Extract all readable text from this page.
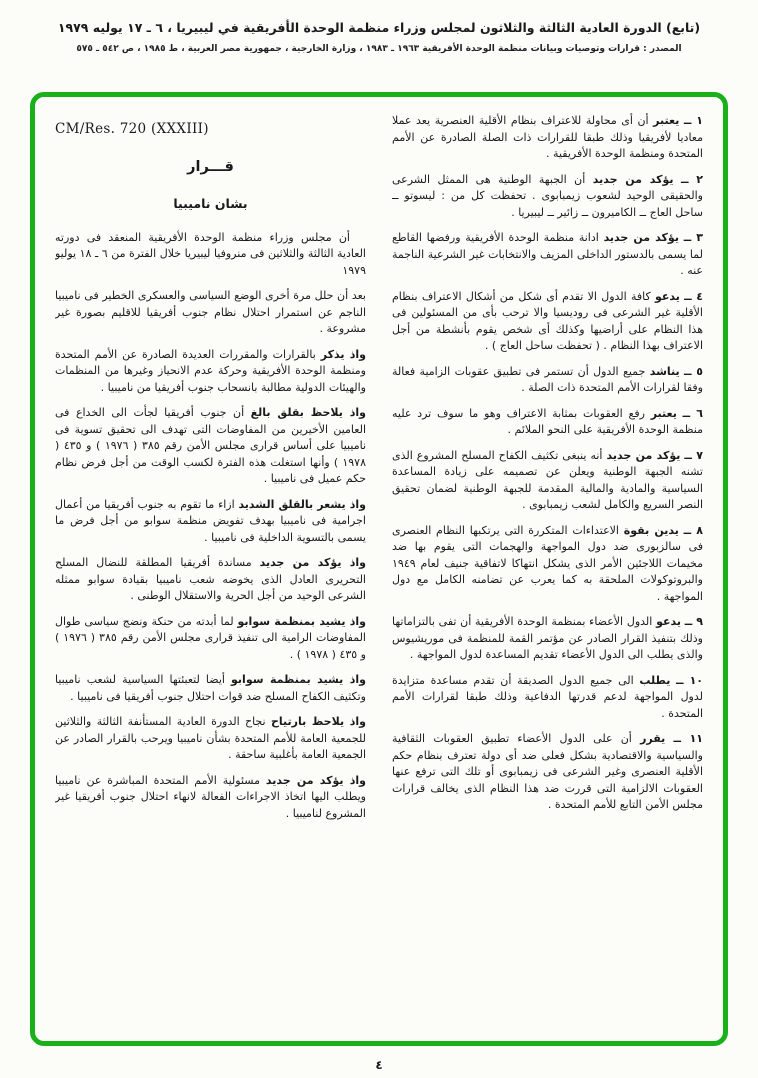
(تابع) الدورة العادية الثالثة والثلاثون لمجلس وزراء منظمة الوحدة الأفريقية في ليبيريا ، ٦ ـ ١٧ يوليه ١٩٧٩
المصدر : قرارات وتوصيات وبيانات منظمة الوحدة الأفريقية ١٩٦٣ ـ ١٩٨٣ ، وزارة الخارجية ، جمهورية مصر العربية ، ط ١٩٨٥ ، ص ٥٤٢ ـ ٥٧٥

١ ــ يعتبر أن أى محاولة للاعتراف بنظام الأقلية العنصرية يعد عملا معاديا لأفريقيا وذلك طبقا للقرارات ذات الصلة الصادرة عن الأمم المتحدة ومنظمة الوحدة الأفريقية .

٢ ــ يؤكد من جديد أن الجبهة الوطنية هى الممثل الشرعى والحقيقى الوحيد لشعوب زيمبابوى . تحفظت كل من : ليسوتو ــ ساحل العاج ــ الكاميرون ــ زائير ــ ليبيريا .

٣ ــ يؤكد من جديد ادانة منظمة الوحدة الأفريقية ورفضها القاطع لما يسمى بالدستور الداخلى المزيف والانتخابات غير الشرعية الناجمة عنه .

٤ ــ يدعو كافة الدول الا تقدم أى شكل من أشكال الاعتراف بنظام الأقلية غير الشرعى فى روديسيا والا ترحب بأى من المسئولين فى هذا النظام على أراضيها وكذلك أى شخص يقوم بأنشطة من أجل الاعتراف بهذا النظام . ( تحفظت ساحل العاج ) .

٥ ــ يناشد جميع الدول أن تستمر فى تطبيق عقوبات الزامية فعالة وفقا لقرارات الأمم المتحدة ذات الصلة .

٦ ــ يعتبر رفع العقوبات بمثابة الاعتراف وهو ما سوف ترد عليه منظمة الوحدة الأفريقية على النحو الملائم .

٧ ــ يؤكد من جديد أنه ينبغى تكثيف الكفاح المسلح المشروع الذى تشنه الجبهة الوطنية ويعلن عن تصميمه على زيادة المساعدة السياسية والمادية والمالية المقدمة للجبهة الوطنية لضمان تحقيق النصر السريع والكامل لشعب زيمبابوى .

٨ ــ يدين بقوة الاعتداءات المتكررة التى يرتكبها النظام العنصرى فى سالزبورى ضد دول المواجهة والهجمات التى يقوم بها ضد مخيمات اللاجئين الأمر الذى يشكل انتهاكا لاتفاقية جنيف لعام ١٩٤٩ والبروتوكولات الملحقة به كما يعرب عن تضامنه الكامل مع دول المواجهة .

٩ ــ يدعو الدول الأعضاء بمنظمة الوحدة الأفريقية أن تفى بالتزاماتها وذلك بتنفيذ القرار الصادر عن مؤتمر القمة للمنظمة فى موريشيوس والذى يطلب الى الدول الأعضاء تقديم المساعدة لدول المواجهة .

١٠ ــ يطلب الى جميع الدول الصديقة أن تقدم مساعدة متزايدة لدول المواجهة لدعم قدرتها الدفاعية وذلك طبقا لقرارات الأمم المتحدة .

١١ ــ يقرر أن على الدول الأعضاء تطبيق العقوبات الثقافية والسياسية والاقتصادية بشكل فعلى ضد أى دولة تعترف بنظام حكم الأقلية العنصرى وغير الشرعى فى زيمبابوى أو تلك التى ترفع عنها العقوبات الالزامية التى قررت ضد هذا النظام الذى يخالف قرارات مجلس الأمن التابع للأمم المتحدة .

CM/Res. 720 (XXXIII)
قـــرار
بشان ناميبيا

أن مجلس وزراء منظمة الوحدة الأفريقية المنعقد فى دورته العادية الثالثة والثلاثين فى منروفيا ليبيريا خلال الفترة من ٦ ـ ١٨ يوليو ١٩٧٩

بعد أن حلل مرة أخرى الوضع السياسى والعسكرى الخطير فى ناميبيا الناجم عن استمرار احتلال نظام جنوب أفريقيا للاقليم بصورة غير مشروعة .

واذ يذكر بالقرارات والمقررات العديدة الصادرة عن الأمم المتحدة ومنظمة الوحدة الأفريقية وحركة عدم الانحياز وغيرها من المنظمات والهيئات الدولية مطالبة بانسحاب جنوب أفريقيا من ناميبيا .

واذ يلاحظ بقلق بالغ أن جنوب أفريقيا لجأت الى الخداع فى العامين الأخيرين من المفاوضات التى تهدف الى تحقيق تسوية فى ناميبيا على أساس قرارى مجلس الأمن رقم ٣٨٥ ( ١٩٧٦ ) و ٤٣٥ ( ١٩٧٨ ) وأنها استغلت هذه الفترة لكسب الوقت من أجل فرض نظام حكم عميل فى ناميبيا .

واذ يشعر بالقلق الشديد ازاء ما تقوم به جنوب أفريقيا من أعمال اجرامية فى ناميبيا بهدف تفويض منظمة سوابو من أجل فرض ما يسمى بالتسوية الداخلية فى ناميبيا .

واذ يؤكد من جديد مساندة أفريقيا المطلقة للنضال المسلح التحريرى العادل الذى يخوضه شعب ناميبيا بقيادة سوابو ممثله الشرعى الوحيد من أجل الحرية والاستقلال الوطنى .

واذ يشيد بمنظمة سوابو لما أبدته من حنكة ونضج سياسى طوال المفاوضات الرامية الى تنفيذ قرارى مجلس الأمن رقم ٣٨٥ ( ١٩٧٦ ) و ٤٣٥ ( ١٩٧٨ ) .

واذ يشيد بمنظمة سوابو أيضا لتعبئتها السياسية لشعب ناميبيا وتكثيف الكفاح المسلح ضد قوات احتلال جنوب أفريقيا فى ناميبيا .

واذ يلاحظ بارتياح نجاح الدورة العادية المستأنفة الثالثة والثلاثين للجمعية العامة للأمم المتحدة بشأن ناميبيا ويرحب بالقرار الصادر عن الجمعية العامة بأغلبية ساحقة .

واذ يؤكد من جديد مسئولية الأمم المتحدة المباشرة عن ناميبيا ويطلب اليها اتخاذ الاجراءات الفعالة لانهاء احتلال جنوب أفريقيا غير المشروع لناميبيا .

٤
